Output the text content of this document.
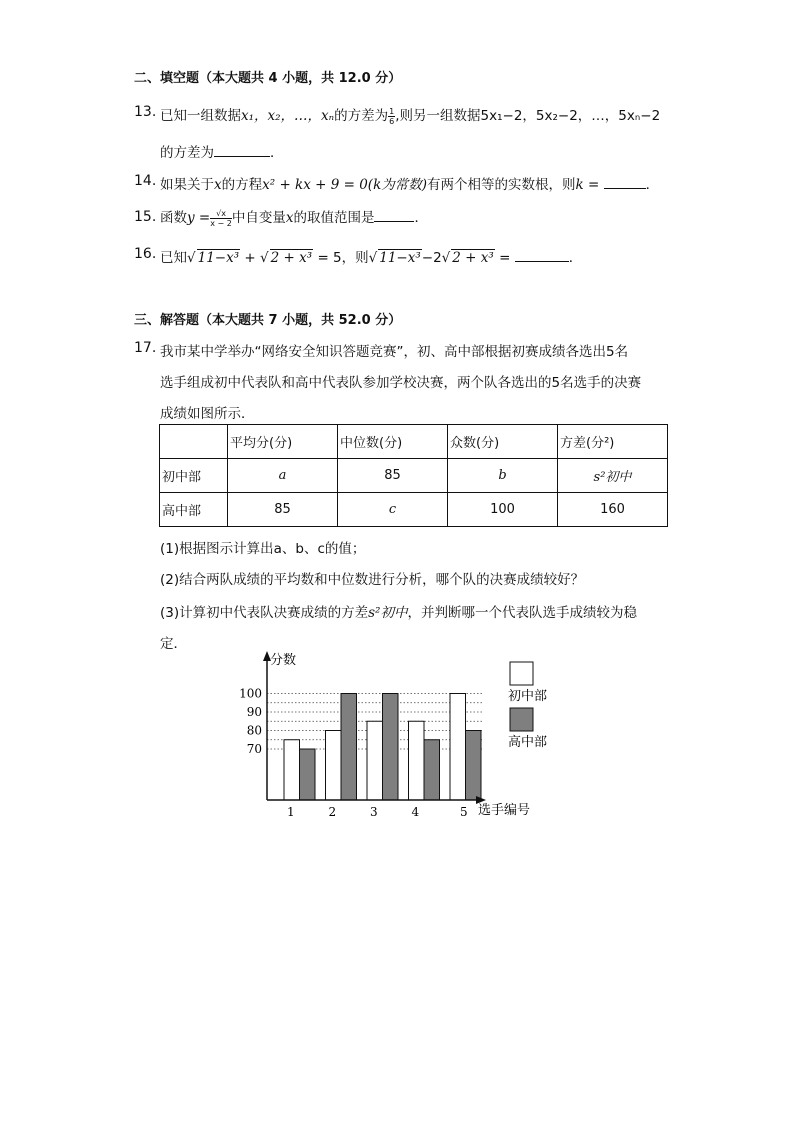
二、填空题（本大题共 4 小题，共 12.0 分）
13. 已知一组数据x₁，x₂，…，xₙ的方差为 $\frac{1}{6}$ ,则另一组数据5x₁−2，5x₂−2，…，5xₙ−2
的方差为	．
14. 如果关于x的方程x² + kx + 9 = 0(k为常数)有两个相等的实数根，则k =	．
15. 函数$y = \frac{√x}{x - 2}$ 中自变量x的取值范围是	．
16. 已知√ 11−x³ + √ 2 + x³ = 5，则√ 11−x³−2√ 2 + x³ =	．
三、解答题（本大题共 7 小题，共 52.0 分）
17. 我市某中学举办“网络安全知识答题竞赛”，初、高中部根据初赛成绩各选出5名
选手组成初中代表队和高中代表队参加学校决赛，两个队各选出的5名选手的决赛
成绩如图所示．
	平均分(分)	中位数(分)	众数(分)	方差(分²)
初中部	a	85	b	s²初中
高中部	85	c	100	160
(1)根据图示计算出a、b、c的值；
(2)结合两队成绩的平均数和中位数进行分析，哪个队的决赛成绩较好？
(3)计算初中代表队决赛成绩的方差s²初中，并判断哪一个代表队选手成绩较为稳
定．
70
80
90
100
1	2	3	4	5
分数
选手编号
初中部
高中部
